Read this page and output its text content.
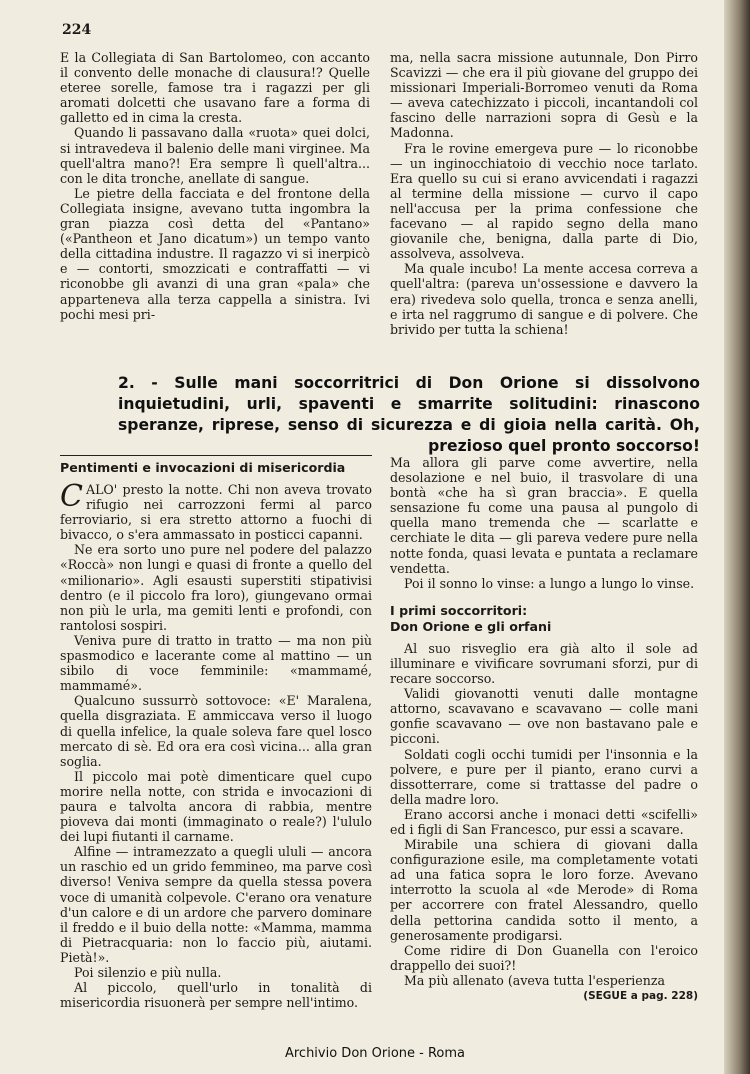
224

E la Collegiata di San Bartolomeo, con accanto il convento delle monache di clausura!? Quelle eteree sorelle, famose tra i ragazzi per gli aromati dolcetti che usavano fare a forma di galletto ed in cima la cresta.

Quando li passavano dalla «ruota» quei dolci, si intravedeva il balenio delle mani virginee. Ma quell'altra mano?! Era sempre lì quell'altra... con le dita tronche, anellate di sangue.

Le pietre della facciata e del frontone della Collegiata insigne, avevano tutta ingombra la gran piazza così detta del «Pantano» («Pantheon et Jano dicatum») un tempo vanto della cittadina industre. Il ragazzo vi si inerpicò e — contorti, smozzicati e contraffatti — vi riconobbe gli avanzi di una gran «pala» che apparteneva alla terza cappella a sinistra. Ivi pochi mesi pri-

ma, nella sacra missione autunnale, Don Pirro Scavizzi — che era il più giovane del gruppo dei missionari Imperiali-Borromeo venuti da Roma — aveva catechizzato i piccoli, incantandoli col fascino delle narrazioni sopra di Gesù e la Madonna.

Fra le rovine emergeva pure — lo riconobbe — un inginocchiatoio di vecchio noce tarlato. Era quello su cui si erano avvicendati i ragazzi al termine della missione — curvo il capo nell'accusa per la prima confessione che facevano — al rapido segno della mano giovanile che, benigna, dalla parte di Dio, assolveva, assolveva.

Ma quale incubo! La mente accesa correva a quell'altra: (pareva un'ossessione e davvero la era) rivedeva solo quella, tronca e senza anelli, e irta nel raggrumo di sangue e di polvere. Che brivido per tutta la schiena!

2. - Sulle mani soccorritrici di Don Orione si dissolvono inquietudini, urli, spaventi e smarrite solitudini: rinascono speranze, riprese, senso di sicurezza e di gioia nella carità. Oh, prezioso quel pronto soccorso!
Pentimenti e invocazioni di misericordia

CALO' presto la notte. Chi non aveva trovato rifugio nei carrozzoni fermi al parco ferroviario, si era stretto attorno a fuochi di bivacco, o s'era ammassato in posticci capanni.

Ne era sorto uno pure nel podere del palazzo «Roccà» non lungi e quasi di fronte a quello del «milionario». Agli esausti superstiti stipativisi dentro (e il piccolo fra loro), giungevano ormai non più le urla, ma gemiti lenti e profondi, con rantolosi sospiri.

Veniva pure di tratto in tratto — ma non più spasmodico e lacerante come al mattino — un sibilo di voce femminile: «mammamé, mammamé».

Qualcuno sussurrò sottovoce: «E' Maralena, quella disgraziata. E ammiccava verso il luogo di quella infelice, la quale soleva fare quel losco mercato di sè. Ed ora era così vicina... alla gran soglia.

Il piccolo mai potè dimenticare quel cupo morire nella notte, con strida e invocazioni di paura e talvolta ancora di rabbia, mentre pioveva dai monti (immaginato o reale?) l'ululo dei lupi fiutanti il carname.

Alfine — intramezzato a quegli ululi — ancora un raschio ed un grido femmineo, ma parve così diverso! Veniva sempre da quella stessa povera voce di umanità colpevole. C'erano ora venature d'un calore e di un ardore che parvero dominare il freddo e il buio della notte: «Mamma, mamma di Pietracquaria: non lo faccio più, aiutami. Pietà!».

Poi silenzio e più nulla.

Al piccolo, quell'urlo in tonalità di misericordia risuonerà per sempre nell'intimo.

Ma allora gli parve come avvertire, nella desolazione e nel buio, il trasvolare di una bontà «che ha sì gran braccia». E quella sensazione fu come una pausa al pungolo di quella mano tremenda che — scarlatte e cerchiate le dita — gli pareva vedere pure nella notte fonda, quasi levata e puntata a reclamare vendetta.

Poi il sonno lo vinse: a lungo a lungo lo vinse.

I primi soccorritori:
Don Orione e gli orfani

Al suo risveglio era già alto il sole ad illuminare e vivificare sovrumani sforzi, pur di recare soccorso.

Validi giovanotti venuti dalle montagne attorno, scavavano e scavavano — colle mani gonfie scavavano — ove non bastavano pale e picconi.

Soldati cogli occhi tumidi per l'insonnia e la polvere, e pure per il pianto, erano curvi a dissotterrare, come si trattasse del padre o della madre loro.

Erano accorsi anche i monaci detti «scifelli» ed i figli di San Francesco, pur essi a scavare.

Mirabile una schiera di giovani dalla configurazione esile, ma completamente votati ad una fatica sopra le loro forze. Avevano interrotto la scuola al «de Merode» di Roma per accorrere con fratel Alessandro, quello della pettorina candida sotto il mento, a generosamente prodigarsi.

Come ridire di Don Guanella con l'eroico drappello dei suoi?!

Ma più allenato (aveva tutta l'esperienza

(SEGUE a pag. 228)
Archivio Don Orione - Roma
